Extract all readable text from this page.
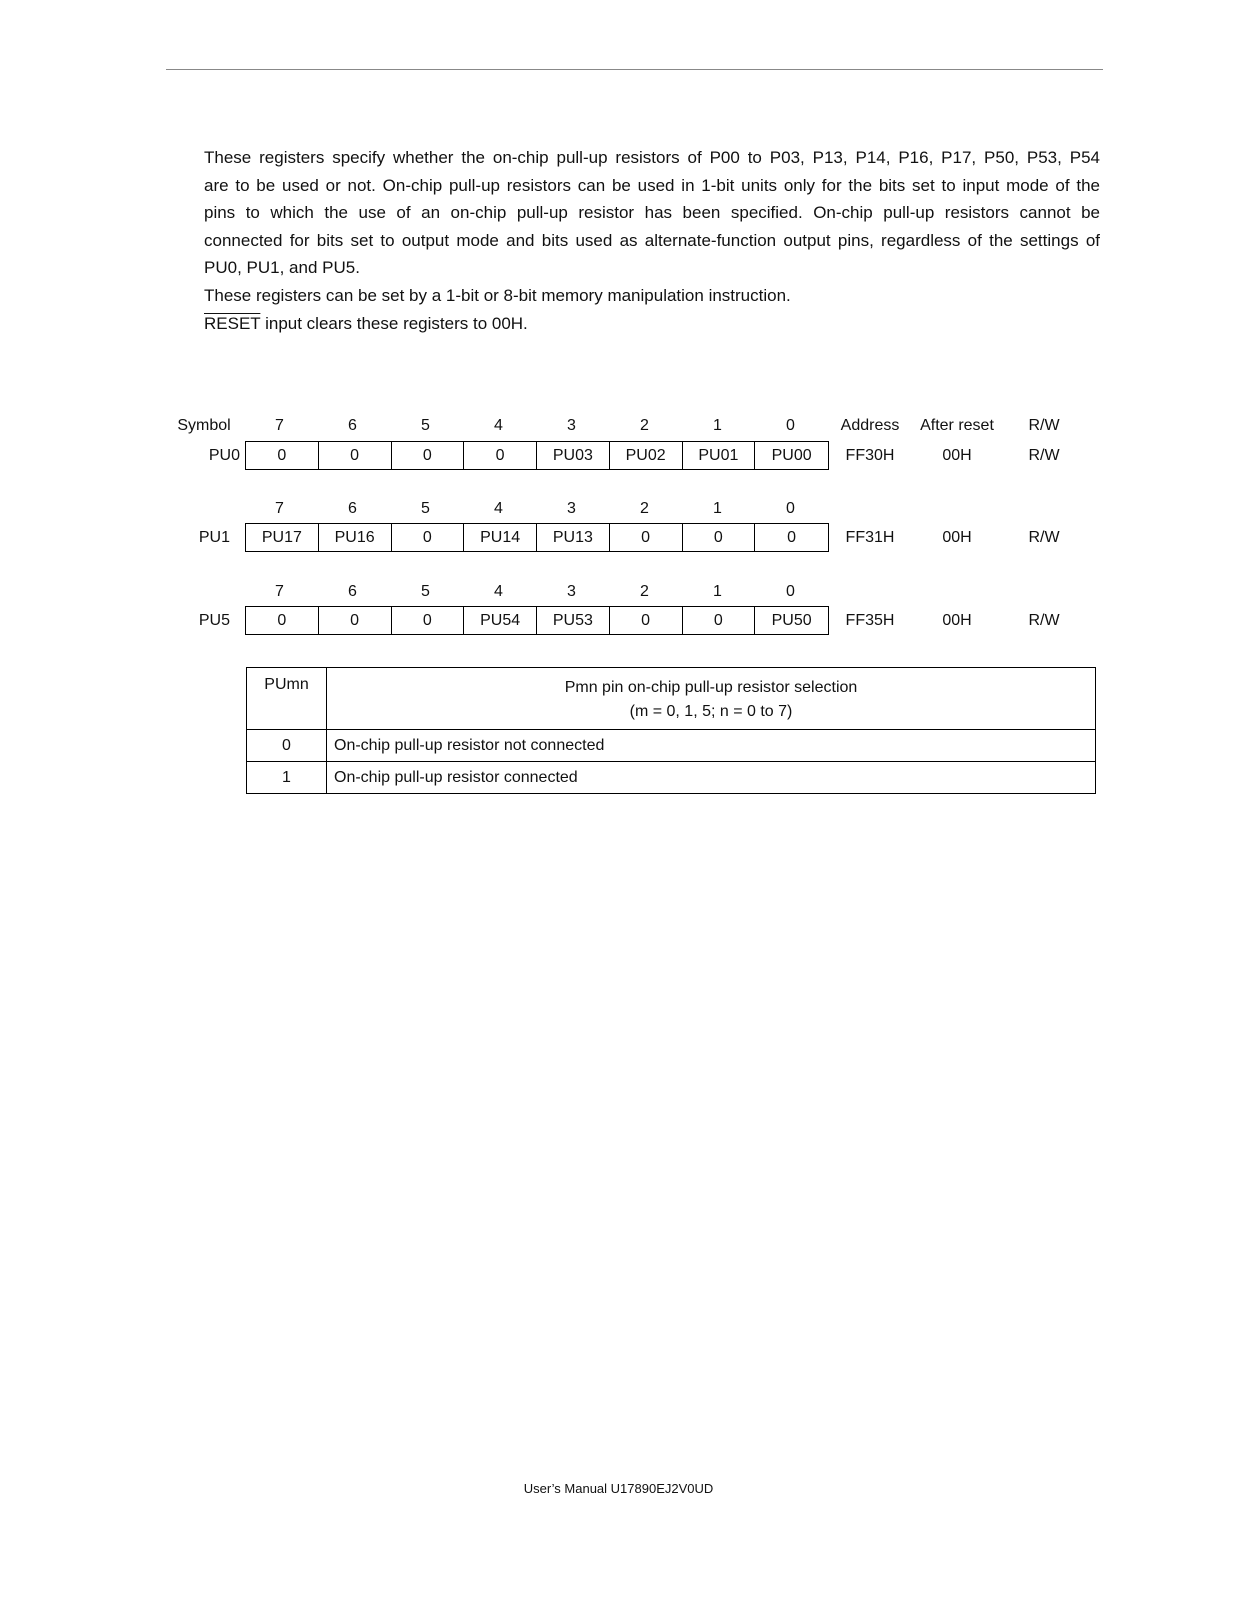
These registers specify whether the on-chip pull-up resistors of P00 to P03, P13, P14, P16, P17, P50, P53, P54
are to be used or not. On-chip pull-up resistors can be used in 1-bit units only for the bits set to input mode of the
pins to which the use of an on-chip pull-up resistor has been specified. On-chip pull-up resistors cannot be
connected for bits set to output mode and bits used as alternate-function output pins, regardless of the settings of
PU0, PU1, and PU5.
These registers can be set by a 1-bit or 8-bit memory manipulation instruction.
RESET input clears these registers to 00H.
Symbol	7	6	5	4	3	2	1	0	Address	After reset	R/W
PU0	0	0	0	0	PU03	PU02	PU01	PU00	FF30H	00H	R/W
7	6	5	4	3	2	1	0
PU1	PU17	PU16	0	PU14	PU13	0	0	0	FF31H	00H	R/W
7	6	5	4	3	2	1	0
PU5	0	0	0	PU54	PU53	0	0	PU50	FF35H	00H	R/W
PUmn	Pmn pin on-chip pull-up resistor selection
(m = 0, 1, 5; n = 0 to 7)

0	On-chip pull-up resistor not connected
1	On-chip pull-up resistor connected
User’s Manual U17890EJ2V0UD
